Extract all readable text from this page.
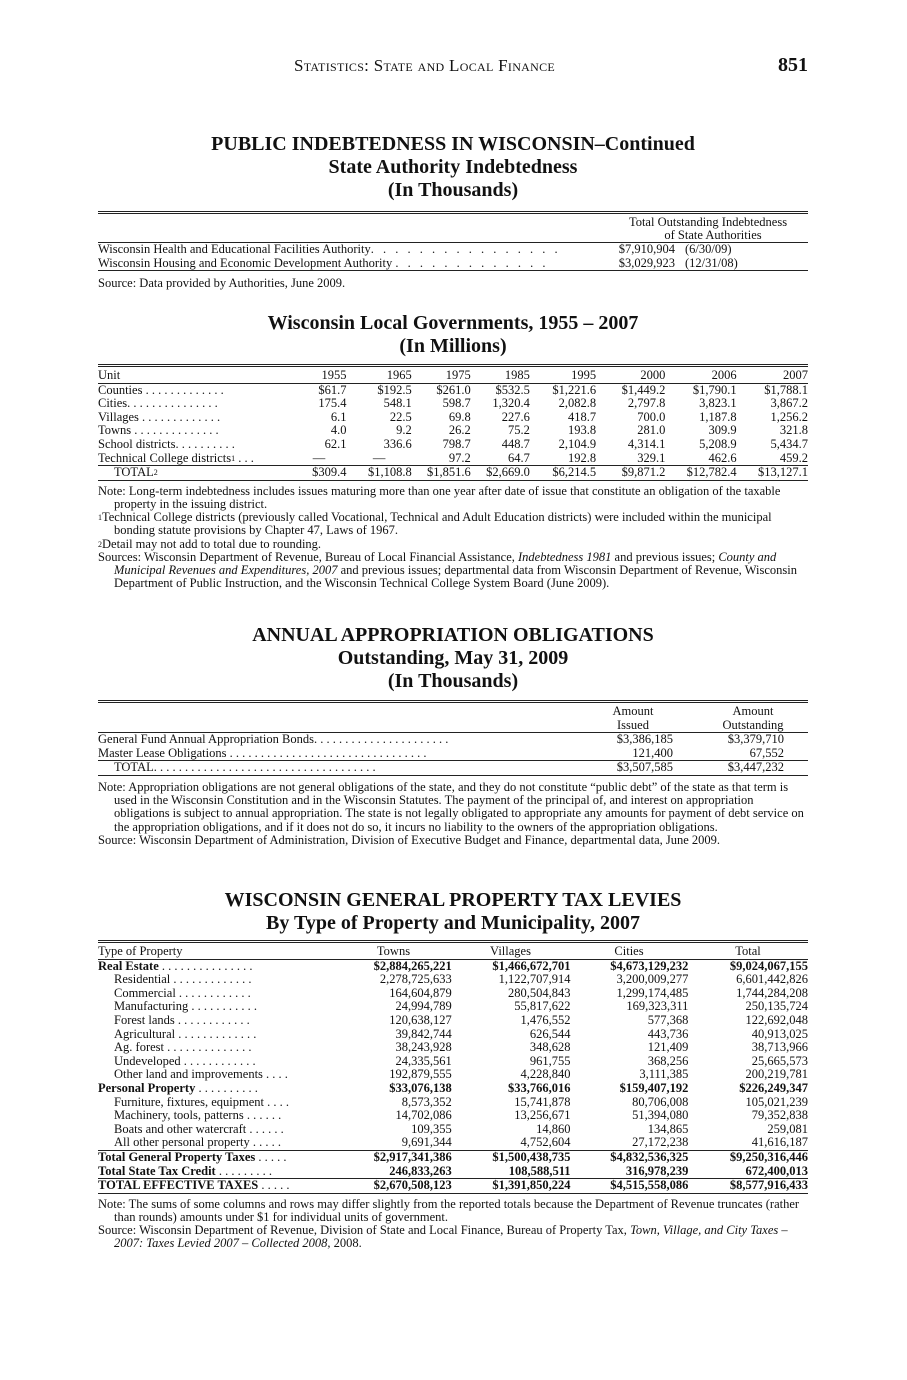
Statistics: State and Local Finance	851
PUBLIC INDEBTEDNESS IN WISCONSIN–Continued
State Authority Indebtedness
(In Thousands)
Total Outstanding Indebtedness
of State Authorities
Wisconsin Health and Educational Facilities Authority. . . . . . . . . . . . . . . .	$7,910,904	(6/30/09)
Wisconsin Housing and Economic Development Authority . . . . . . . . . . . . .	$3,029,923	(12/31/08)

Source: Data provided by Authorities, June 2009.

Wisconsin Local Governments, 1955 – 2007
(In Millions)
Unit	1955	1965	1975	1985	1995	2000	2006	2007
Counties . . . . . . . . . . . . .	$61.7	$192.5	$261.0	$532.5	$1,221.6	$1,449.2	$1,790.1	$1,788.1
Cities. . . . . . . . . . . . . . .	175.4	548.1	598.7	1,320.4	2,082.8	2,797.8	3,823.1	3,867.2
Villages . . . . . . . . . . . . .	6.1	22.5	69.8	227.6	418.7	700.0	1,187.8	1,256.2
Towns . . . . . . . . . . . . . .	4.0	9.2	26.2	75.2	193.8	281.0	309.9	321.8
School districts. . . . . . . . . .	62.1	336.6	798.7	448.7	2,104.9	4,314.1	5,208.9	5,434.7
Technical College districts$^1$ . . .	—	—	97.2	64.7	192.8	329.1	462.6	459.2
TOTAL$^2$	$309.4	$1,108.8	$1,851.6	$2,669.0	$6,214.5	$9,871.2	$12,782.4	$13,127.1

Note: Long-term indebtedness includes issues maturing more than one year after date of issue that constitute an obligation of the taxable property in the issuing district.

$^1$Technical College districts (previously called Vocational, Technical and Adult Education districts) were included within the municipal bonding statute provisions by Chapter 47, Laws of 1967.

$^2$Detail may not add to total due to rounding.

Sources: Wisconsin Department of Revenue, Bureau of Local Financial Assistance, Indebtedness 1981 and previous issues; County and Municipal Revenues and Expenditures, 2007 and previous issues; departmental data from Wisconsin Department of Revenue, Wisconsin Department of Public Instruction, and the Wisconsin Technical College System Board (June 2009).

ANNUAL APPROPRIATION OBLIGATIONS
Outstanding, May 31, 2009
(In Thousands)
	Amount		Amount
	Issued		Outstanding
General Fund Annual Appropriation Bonds. . . . . . . . . . . . . . . . . . . . . .	$3,386,185		$3,379,710
Master Lease Obligations . . . . . . . . . . . . . . . . . . . . . . . . . . . . . . . .	121,400		67,552
TOTAL. . . . . . . . . . . . . . . . . . . . . . . . . . . . . . . . . . . .	$3,507,585		$3,447,232

Note: Appropriation obligations are not general obligations of the state, and they do not constitute “public debt” of the state as that term is used in the Wisconsin Constitution and in the Wisconsin Statutes. The payment of the principal of, and interest on appropriation obligations is subject to annual appropriation. The state is not legally obligated to appropriate any amounts for payment of debt service on the appropriation obligations, and if it does not do so, it incurs no liability to the owners of the appropriation obligations.

Source: Wisconsin Department of Administration, Division of Executive Budget and Finance, departmental data, June 2009.

WISCONSIN GENERAL PROPERTY TAX LEVIES
By Type of Property and Municipality, 2007
Type of Property	Towns	Villages	Cities	Total
Real Estate . . . . . . . . . . . . . . .	$2,884,265,221	$1,466,672,701	$4,673,129,232	$9,024,067,155
Residential . . . . . . . . . . . . .	2,278,725,633	1,122,707,914	3,200,009,277	6,601,442,826
Commercial . . . . . . . . . . . .	164,604,879	280,504,843	1,299,174,485	1,744,284,208
Manufacturing . . . . . . . . . . .	24,994,789	55,817,622	169,323,311	250,135,724
Forest lands . . . . . . . . . . . .	120,638,127	1,476,552	577,368	122,692,048
Agricultural . . . . . . . . . . . . .	39,842,744	626,544	443,736	40,913,025
Ag. forest . . . . . . . . . . . . . .	38,243,928	348,628	121,409	38,713,966
Undeveloped . . . . . . . . . . . .	24,335,561	961,755	368,256	25,665,573
Other land and improvements . . . .	192,879,555	4,228,840	3,111,385	200,219,781
Personal Property . . . . . . . . . .	$33,076,138	$33,766,016	$159,407,192	$226,249,347
Furniture, fixtures, equipment . . . .	8,573,352	15,741,878	80,706,008	105,021,239
Machinery, tools, patterns . . . . . .	14,702,086	13,256,671	51,394,080	79,352,838
Boats and other watercraft . . . . . .	109,355	14,860	134,865	259,081
All other personal property . . . . .	9,691,344	4,752,604	27,172,238	41,616,187
Total General Property Taxes . . . . .	$2,917,341,386	$1,500,438,735	$4,832,536,325	$9,250,316,446
Total State Tax Credit . . . . . . . . .	246,833,263	108,588,511	316,978,239	672,400,013
TOTAL EFFECTIVE TAXES . . . . .	$2,670,508,123	$1,391,850,224	$4,515,558,086	$8,577,916,433

Note: The sums of some columns and rows may differ slightly from the reported totals because the Department of Revenue truncates (rather than rounds) amounts under $1 for individual units of government.

Source: Wisconsin Department of Revenue, Division of State and Local Finance, Bureau of Property Tax, Town, Village, and City Taxes – 2007: Taxes Levied 2007 – Collected 2008, 2008.
